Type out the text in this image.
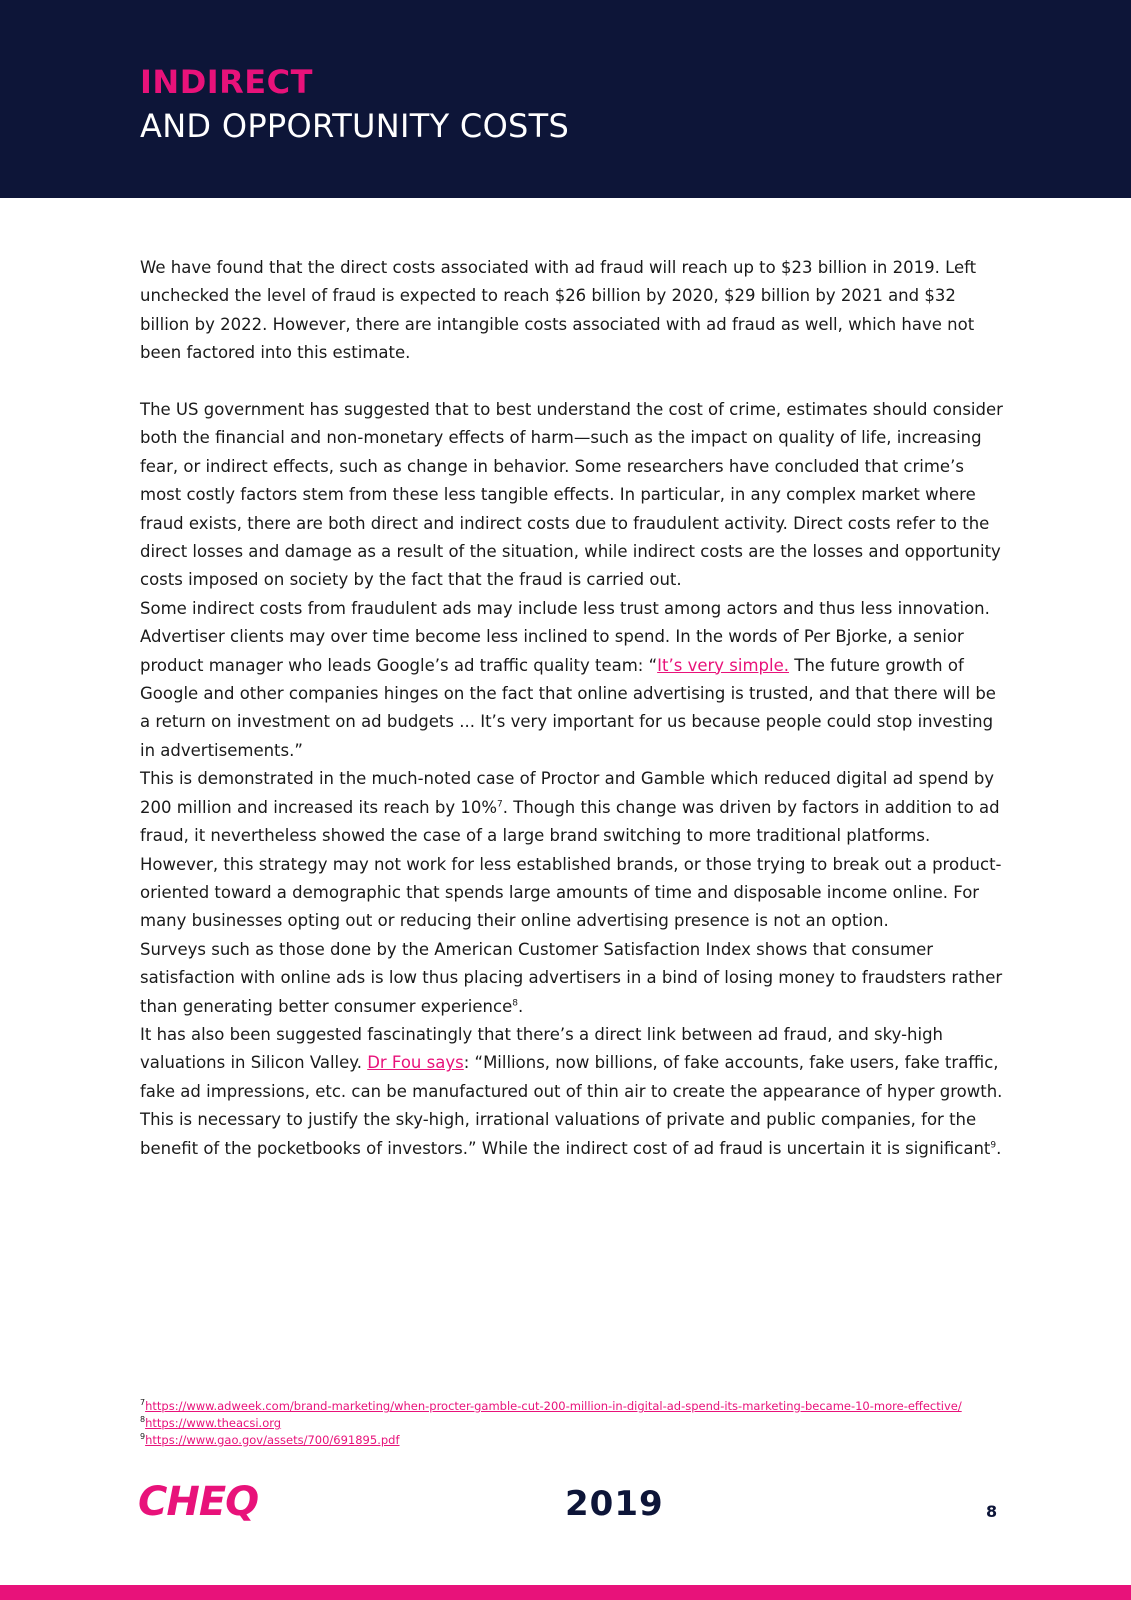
INDIRECT
AND OPPORTUNITY COSTS

We have found that the direct costs associated with ad fraud will reach up to $23 billion in 2019. Left unchecked the level of fraud is expected to reach $26 billion by 2020, $29 billion by 2021 and $32 billion by 2022. However, there are intangible costs associated with ad fraud as well, which have not been factored into this estimate.

The US government has suggested that to best understand the cost of crime, estimates should consider both the financial and non-monetary effects of harm—such as the impact on quality of life, increasing fear, or indirect effects, such as change in behavior. Some researchers have concluded that crime’s most costly factors stem from these less tangible effects. In particular, in any complex market where fraud exists, there are both direct and indirect costs due to fraudulent activity. Direct costs refer to the direct losses and damage as a result of the situation, while indirect costs are the losses and opportunity costs imposed on society by the fact that the fraud is carried out.

Some indirect costs from fraudulent ads may include less trust among actors and thus less innovation. Advertiser clients may over time become less inclined to spend. In the words of Per Bjorke, a senior product manager who leads Google’s ad traffic quality team: “It’s very simple. The future growth of Google and other companies hinges on the fact that online advertising is trusted, and that there will be a return on investment on ad budgets ... It’s very important for us because people could stop investing in advertisements.”

This is demonstrated in the much-noted case of Proctor and Gamble which reduced digital ad spend by 200 million and increased its reach by 10%$^7$. Though this change was driven by factors in addition to ad fraud, it nevertheless showed the case of a large brand switching to more traditional platforms.

However, this strategy may not work for less established brands, or those trying to break out a product-oriented toward a demographic that spends large amounts of time and disposable income online. For many businesses opting out or reducing their online advertising presence is not an option.

Surveys such as those done by the American Customer Satisfaction Index shows that consumer satisfaction with online ads is low thus placing advertisers in a bind of losing money to fraudsters rather than generating better consumer experience$^8$.

It has also been suggested fascinatingly that there’s a direct link between ad fraud, and sky-high valuations in Silicon Valley. Dr Fou says: “Millions, now billions, of fake accounts, fake users, fake traffic, fake ad impressions, etc. can be manufactured out of thin air to create the appearance of hyper growth. This is necessary to justify the sky-high, irrational valuations of private and public companies, for the benefit of the pocketbooks of investors.” While the indirect cost of ad fraud is uncertain it is significant$^9$.

$^7$https://www.adweek.com/brand-marketing/when-procter-gamble-cut-200-million-in-digital-ad-spend-its-marketing-became-10-more-effective/
$^8$https://www.theacsi.org
$^9$https://www.gao.gov/assets/700/691895.pdf
CHEQ	2019	8
